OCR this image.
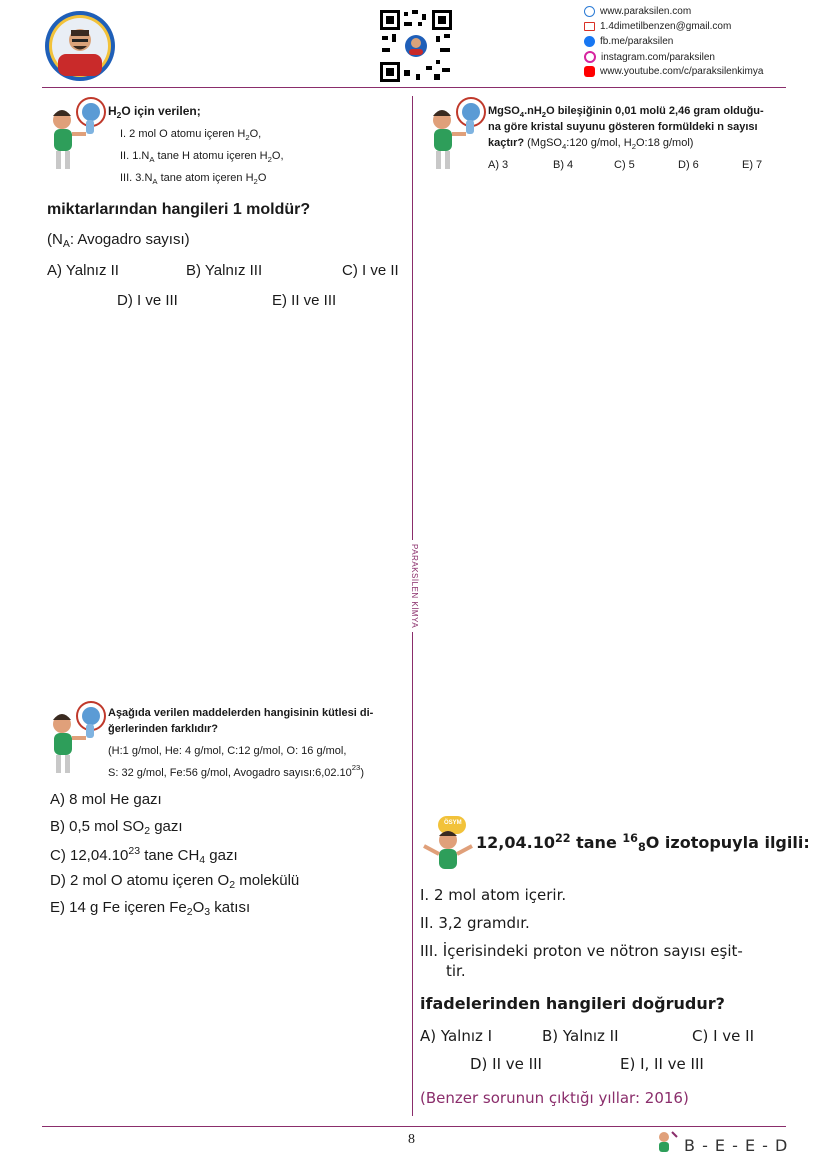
www.paraksilen.com
1.4dimetilbenzen@gmail.com
fb.me/paraksilen
instagram.com/paraksilen
www.youtube.com/c/paraksilenkimya
PARAKSİLEN KİMYA
$H_2O$ için verilen;
I. 2 mol O atomu içeren $H_2O$,
II. $1.N_A$ tane H atomu içeren $H_2O$,
III. $3.N_A$ tane atom içeren $H_2O$
miktarlarından hangileri 1 moldür?
($N_A$: Avogadro sayısı)
A) Yalnız II	B) Yalnız III	C) I ve II
D) I ve III	E) II ve III
$MgSO_4.nH_2O$ bileşiğinin 0,01 molü 2,46 gram olduğu-
na göre kristal suyunu gösteren formüldeki n sayısı
kaçtır? (MgSO$_4$:120 g/mol, $H_2O:18$ g/mol)
A) 3	B) 4	C) 5	D) 6	E) 7
Aşağıda verilen maddelerden hangisinin kütlesi di-
ğerlerinden farklıdır?
(H:1 g/mol, He: 4 g/mol, C:12 g/mol, O: 16 g/mol,
S: 32 g/mol, Fe:56 g/mol, Avogadro sayısı:6,02.10$^{23}$)
A) 8 mol He gazı
B) 0,5 mol $SO_2$ gazı
C) 12,04.10$^{23}$ tane $CH_4$ gazı
D) 2 mol O atomu içeren $O_2$ molekülü
E) 14 g Fe içeren $Fe_2O_3$ katısı
ÖSYM
12,04.10$^{22}$ tane $^{16}_8$O izotopuyla ilgili:
I. 2 mol atom içerir.
II. 3,2 gramdır.
III. İçerisindeki proton ve nötron sayısı eşit-
tir.
ifadelerinden hangileri doğrudur?
A) Yalnız I	B) Yalnız II	C) I ve II
D) II ve III	E) I, II ve III
(Benzer sorunun çıktığı yıllar: 2016)
8	B - E - E - D
